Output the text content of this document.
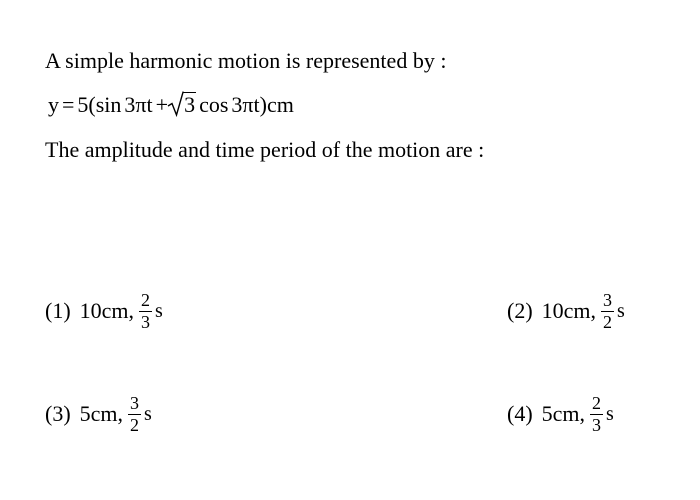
A simple harmonic motion is represented by :
y = 5(sin 3πt + 3 cos 3πt)cm
The amplitude and time period of the motion are :
(1) 10cm, $\frac{2}{3}$ s	(2) 10cm, $\frac{3}{2}$ s
(3) 5cm, $\frac{3}{2}$ s	(4) 5cm, $\frac{2}{3}$ s
